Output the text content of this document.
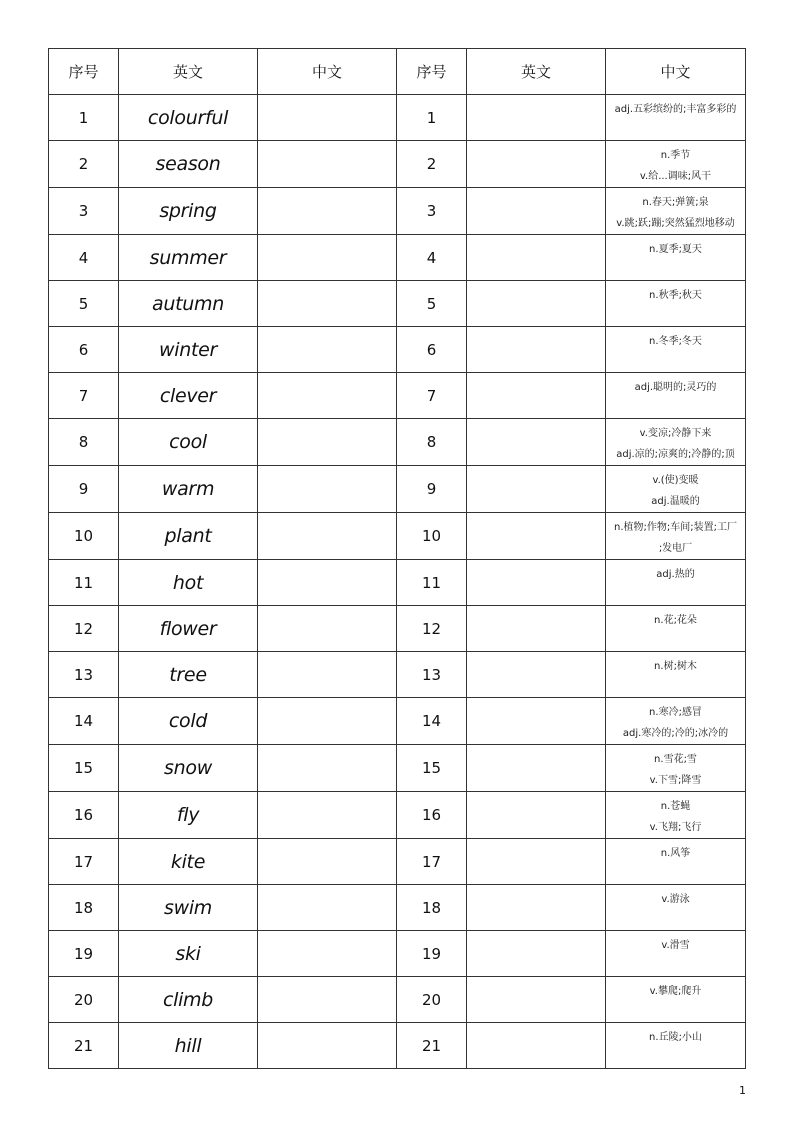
序号	英文	中文	序号	英文	中文
1	colourful		1		adj.五彩缤纷的;丰富多彩的

2	season		2		n.季节
v.给...调味;风干

3	spring		3		n.春天;弹簧;泉
v.跳;跃;蹦;突然猛烈地移动

4	summer		4		n.夏季;夏天

5	autumn		5		n.秋季;秋天

6	winter		6		n.冬季;冬天

7	clever		7		adj.聪明的;灵巧的

8	cool		8		v.变凉;冷静下来
adj.凉的;凉爽的;冷静的;顶

9	warm		9		v.(使)变暖
adj.温暖的

10	plant		10		n.植物;作物;车间;装置;工厂
;发电厂

11	hot		11		adj.热的

12	flower		12		n.花;花朵

13	tree		13		n.树;树木

14	cold		14		n.寒冷;感冒
adj.寒冷的;冷的;冰冷的

15	snow		15		n.雪花;雪
v.下雪;降雪

16	fly		16		n.苍蝇
v.飞翔;飞行

17	kite		17		n.风筝

18	swim		18		v.游泳

19	ski		19		v.滑雪

20	climb		20		v.攀爬;爬升

21	hill		21		n.丘陵;小山
1
